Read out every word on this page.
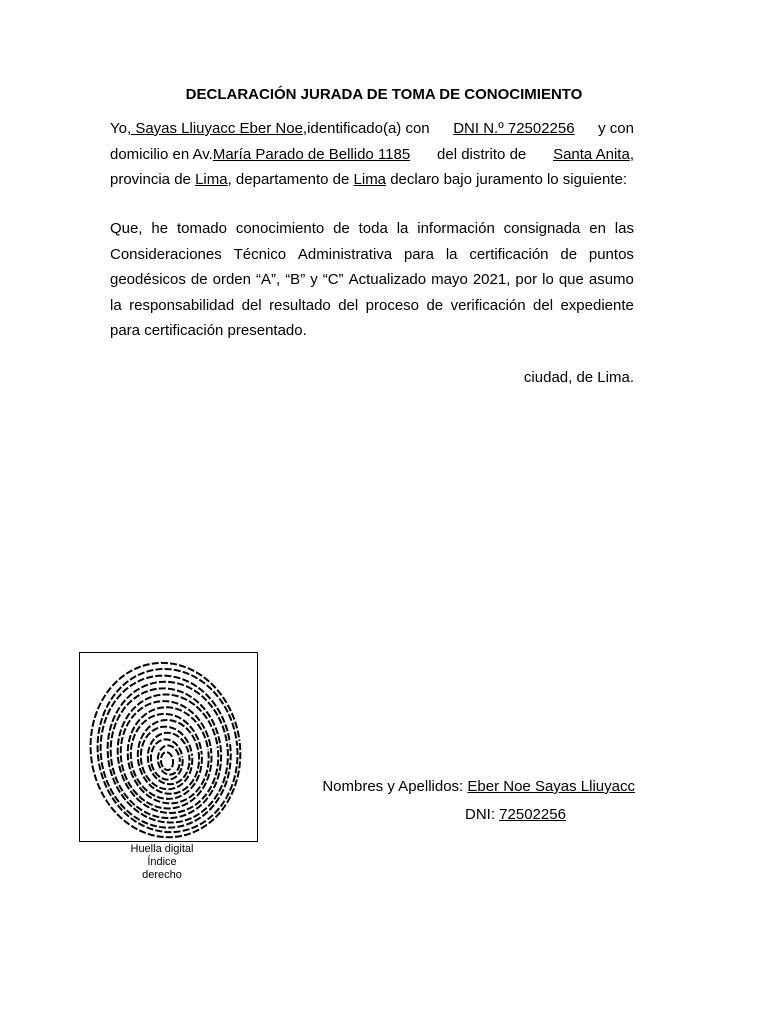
DECLARACIÓN JURADA DE TOMA DE CONOCIMIENTO
Yo, Sayas Lliuyacc Eber Noe,identificado(a) con DNI N.º 72502256 y con
domicilio en Av.María Parado de Bellido 1185 del distrito de Santa Anita,
provincia de Lima, departamento de Lima declaro bajo juramento lo siguiente:
Que, he tomado conocimiento de toda la información consignada en las
Consideraciones Técnico Administrativa para la certificación de puntos
geodésicos de orden “A”, “B” y “C” Actualizado mayo 2021, por lo que asumo
la responsabilidad del resultado del proceso de verificación del expediente
para certificación presentado.
ciudad, de Lima.
Huella digital
Índice
derecho
Nombres y Apellidos: Eber Noe Sayas Lliuyacc
DNI: 72502256
